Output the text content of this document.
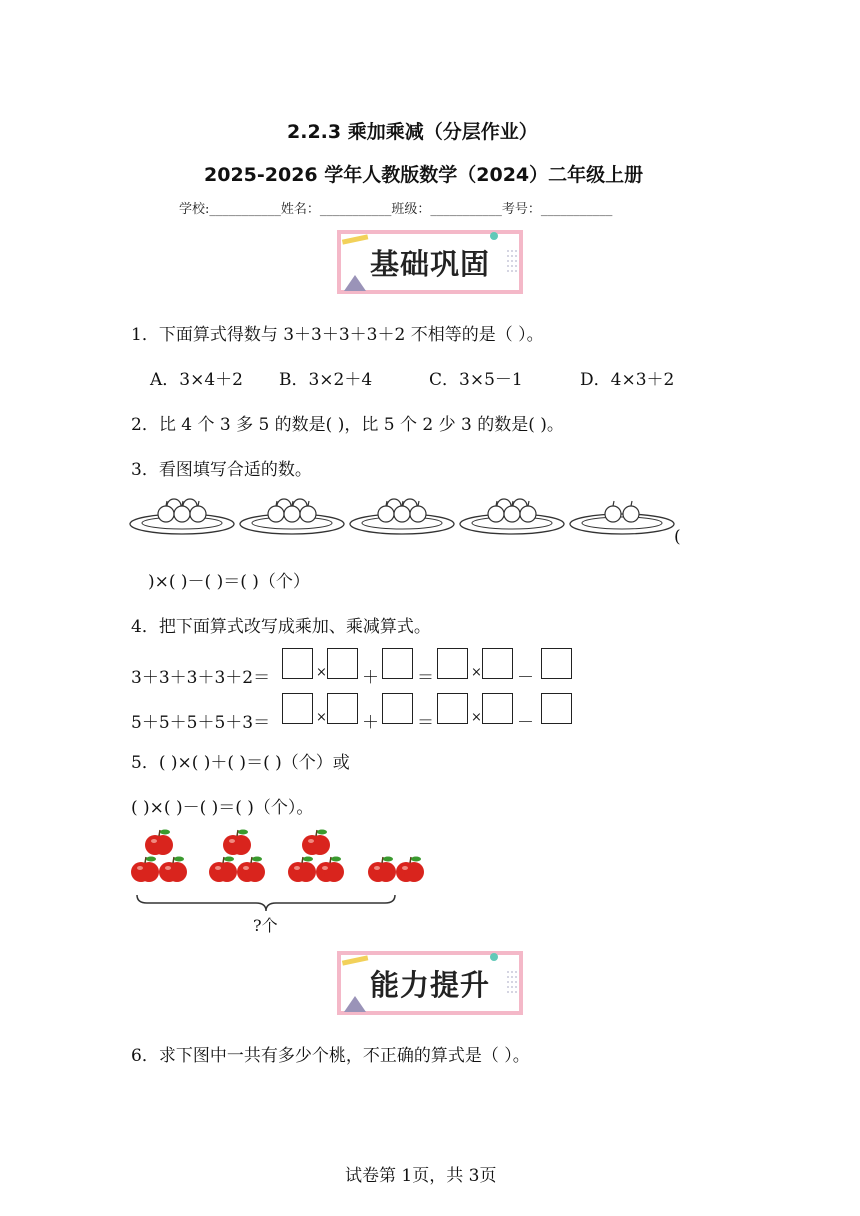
2.2.3 乘加乘减（分层作业）
2025-2026 学年人教版数学（2024）二年级上册
学校:___________姓名：___________班级：___________考号：___________
基础巩固
1．下面算式得数与 3＋3＋3＋3＋2 不相等的是（ ）。
A．3×4＋2 B．3×2＋4	C．3×5－1	D．4×3＋2
2．比 4 个 3 多 5 的数是( )，比 5 个 2 少 3 的数是( )。
3．看图填写合适的数。
(
)×( )－( )＝( )（个）
4．把下面算式改写成乘加、乘减算式。
3＋3＋3＋3＋2＝	× ＋ ＝	× －
5＋5＋5＋5＋3＝	× ＋ ＝	× －
5．( )×( )＋( )＝( )（个）或
( )×( )－( )＝( )（个）。
?个
能力提升
6．求下图中一共有多少个桃，不正确的算式是（ ）。
试卷第 1页，共 3页
